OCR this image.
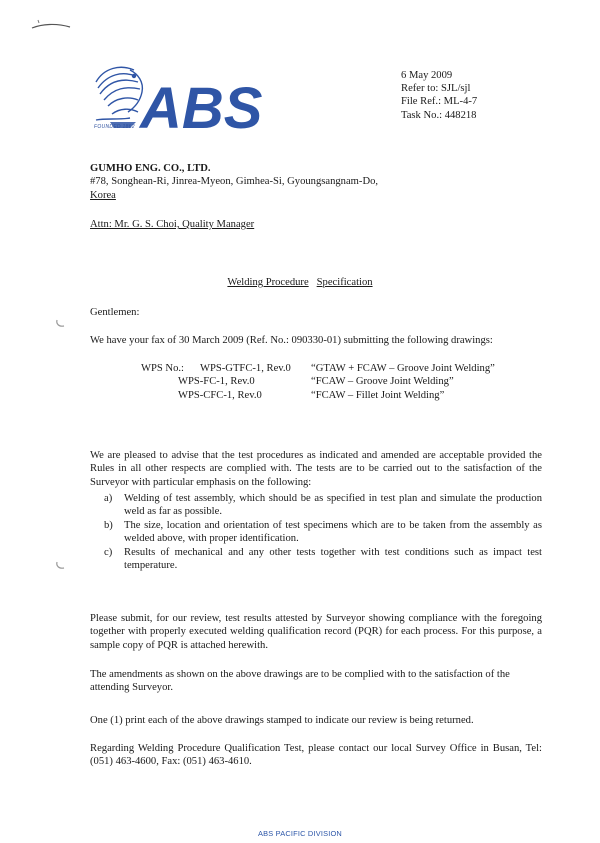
ABS
FOUNDED 1862
6 May 2009
Refer to: SJL/sjl
File Ref.: ML-4-7
Task No.: 448218
GUMHO ENG. CO., LTD.
#78, Songhean-Ri, Jinrea-Myeon, Gimhea-Si, Gyoungsangnam-Do,
Korea
Attn: Mr. G. S. Choi, Quality Manager
Welding Procedure Specification
Gentlemen:
We have your fax of 30 March 2009 (Ref. No.: 090330-01) submitting the following drawings:
WPS No.: WPS-GTFC-1, Rev.0 “GTAW + FCAW – Groove Joint Welding”
WPS-FC-1, Rev.0	“FCAW – Groove Joint Welding”
WPS-CFC-1, Rev.0	“FCAW – Fillet Joint Welding”
We are pleased to advise that the test procedures as indicated and amended are acceptable provided the Rules in all other respects are complied with. The tests are to be carried out to the satisfaction of the Surveyor with particular emphasis on the following:
a) Welding of test assembly, which should be as specified in test plan and simulate the production weld as far as possible.
b) The size, location and orientation of test specimens which are to be taken from the assembly as welded above, with proper identification.
c) Results of mechanical and any other tests together with test conditions such as impact test temperature.
Please submit, for our review, test results attested by Surveyor showing compliance with the foregoing together with properly executed welding qualification record (PQR) for each process. For this purpose, a sample copy of PQR is attached herewith.
The amendments as shown on the above drawings are to be complied with to the satisfaction of the attending Surveyor.
One (1) print each of the above drawings stamped to indicate our review is being returned.
Regarding Welding Procedure Qualification Test, please contact our local Survey Office in Busan, Tel: (051) 463-4600, Fax: (051) 463-4610.
ABS PACIFIC DIVISION
